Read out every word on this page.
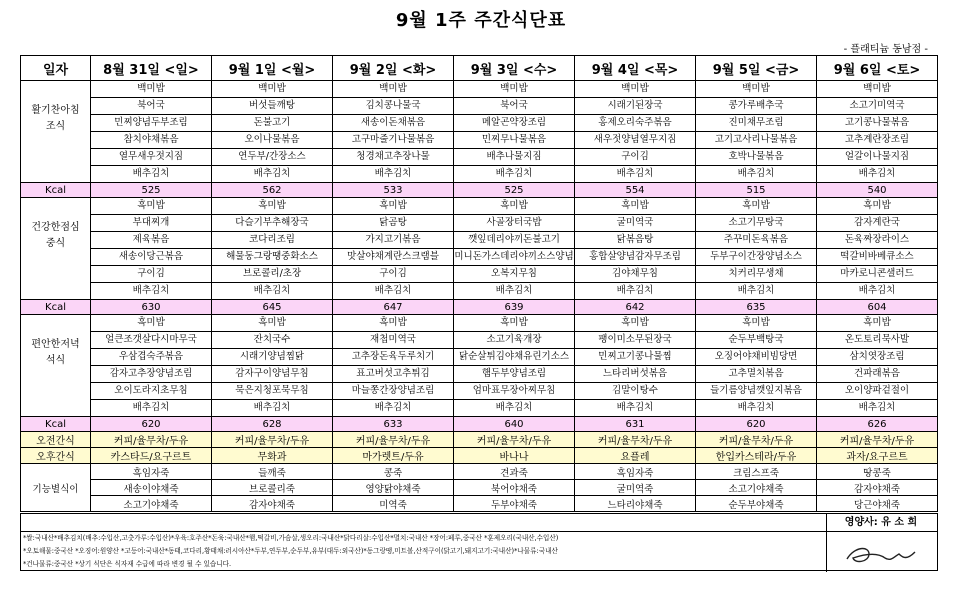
9월 1주 주간식단표
- 플래티늄 동남점 -
일자	8월 31일 <일>	9월 1일 <월>	9월 2일 <화>	9월 3일 <수>	9월 4일 <목>	9월 5일 <금>	9월 6일 <토>

활기찬아침
조식	백미밥	백미밥	백미밥	백미밥	백미밥	백미밥	백미밥
	북어국	버섯들깨탕	김치콩나물국	북어국	시래기된장국	콩가루배추국	소고기미역국
	민찌양념두부조림	돈불고기	새송이돈채볶음	메알곤약장조림	홍제오리숙주볶음	진미채무조림	고기콩나물볶음
	참치야채볶음	오이나물볶음	고구마줄기나물볶음	민찌무나물볶음	새우젓양념열무지짐	고기고사리나물볶음	고추계란장조림
	열무새우젓지짐	연두부/간장소스	청경채고추장나물	배추나물지짐	구이김	호박나물볶음	얼갈이나물지짐
	배추김치	배추김치	배추김치	배추김치	배추김치	배추김치	배추김치
Kcal	525	562	533	525	554	515	540

건강한점심
중식	흑미밥	흑미밥	흑미밥	흑미밥	흑미밥	흑미밥	흑미밥
	부대찌개	다슬기부추해장국	닭곰탕	사골장터국밥	굴미역국	소고기무탕국	감자계란국
	제육볶음	코다리조림	가지고기볶음	깻잎데리야끼돈불고기	닭볶음탕	주꾸미돈육볶음	돈육짜장라이스
	새송이당근볶음	해물동그랑땡중화소스	맛살야채계란스크램블	미니돈가스데리야끼소스양념	홍합살양념감자무조림	두부구이간장양념소스	떡갈비바베큐소스
	구이김	브로콜리/초장	구이김	오복지무침	김야채무침	치커리무생채	마카로니콘샐러드
	배추김치	배추김치	배추김치	배추김치	배추김치	배추김치	배추김치
Kcal	630	645	647	639	642	635	604

편안한저녁
석식	흑미밥	흑미밥	흑미밥	흑미밥	흑미밥	흑미밥	흑미밥
	얼큰조갯살다시마무국	잔치국수	재첩미역국	소고기육개장	팽이미소무된장국	순두부백탕국	온도토리묵사발
	우삼겹숙주볶음	시래기양념찜닭	고추장돈육두루치기	닭순살튀김야채유린기소스	민찌고기콩나물찜	오징어야채비빔당면	삼치엿장조림
	감자고추장양념조림	감자구이양념무침	표고버섯고추튀김	햄두부양념조림	느타리버섯볶음	고추멸치볶음	건파래볶음
	오이도라지초무침	묵은지청포묵무침	마늘쫑간장양념조림	엄마표무장아찌무침	김말이탕수	들기름양념깻잎지볶음	오이양파겉절이
	배추김치	배추김치	배추김치	배추김치	배추김치	배추김치	배추김치
Kcal	620	628	633	640	631	620	626
오전간식	커피/율무차/두유	커피/율무차/두유	커피/율무차/두유	커피/율무차/두유	커피/율무차/두유	커피/율무차/두유	커피/율무차/두유
오후간식	카스타드/요구르트	무화과	마가렛트/두유	바나나	요플레	한입카스테라/두유	과자/요구르트
기능별식이	흑임자죽	들깨죽	콩죽	견과죽	흑임자죽	크림스프죽	땅콩죽
	새송이야채죽	브로콜리죽	영양닭야채죽	북어야채죽	굴미역죽	소고기야채죽	감자야채죽
	소고기야채죽	감자야채죽	미역죽	두부야채죽	느타리야채죽	순두부야채죽	당근야채죽
영양사: 유 소 희
*쌀:국내산*배추김치(배추:수입산,고춧가루:수입산)*우육:호주산*돈육:국내산*햄,떡갈비,가슴살,생오리:국내산*닭다리살:수입산*멸치:국내산 *장어:페루,중국산 *훈제오리(국내산,수입산)
*오토해물:중국산 *오징어:원양산 *고등어:국내산*동태,코다리,황태채:러시아산*두부,연두부,순두부,유부(대두:외국산)*동그랑땡,미트볼,산적구이(닭고기,돼지고기:국내산)*나물류:국내산
*건나물류:중국산 *상기 식단은 식자재 수급에 따라 변경 될 수 있습니다.
